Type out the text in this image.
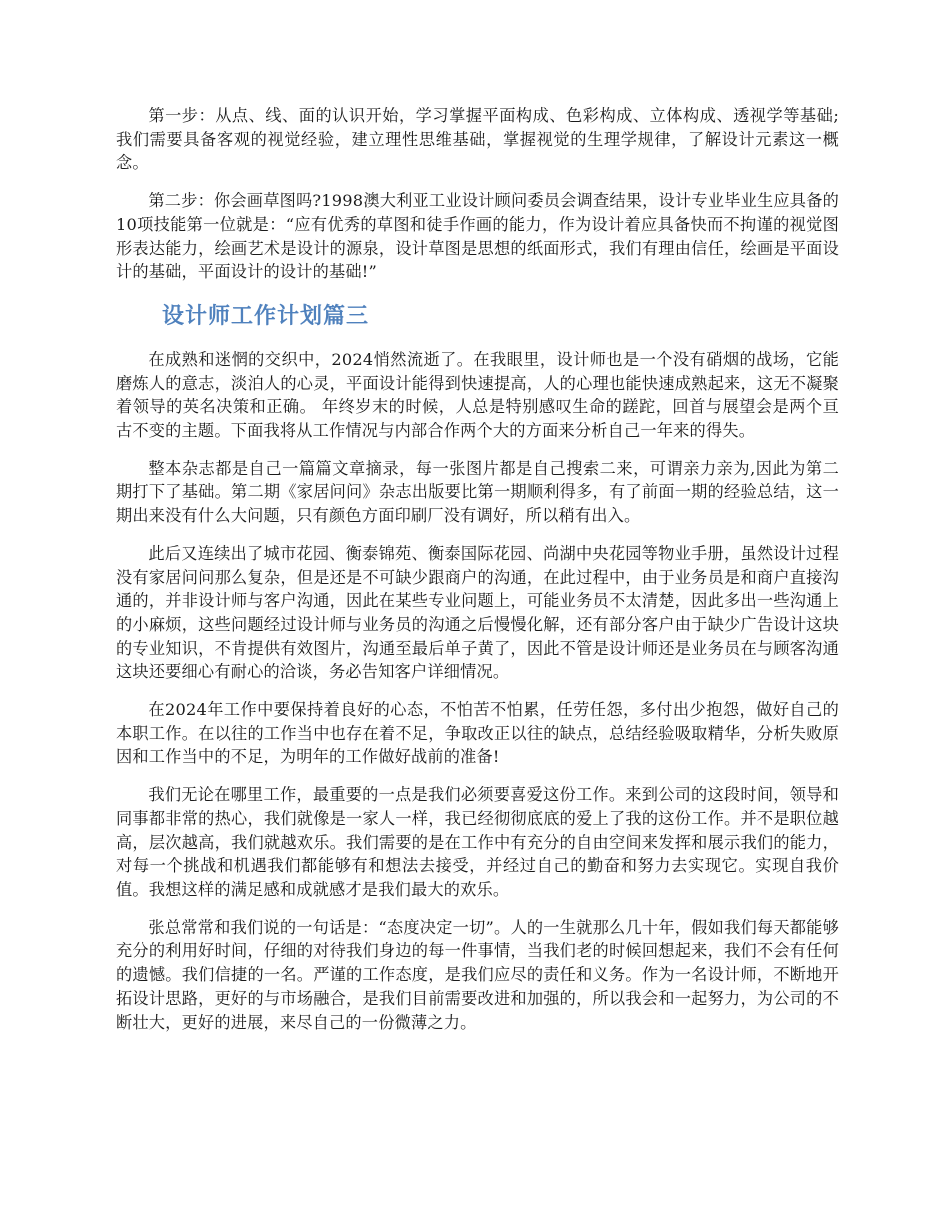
第一步：从点、线、面的认识开始，学习掌握平面构成、色彩构成、立体构成、透视学等基础;我们需要具备客观的视觉经验，建立理性思维基础，掌握视觉的生理学规律，了解设计元素这一概念。

第二步：你会画草图吗?1998澳大利亚工业设计顾问委员会调查结果，设计专业毕业生应具备的10项技能第一位就是：“应有优秀的草图和徒手作画的能力，作为设计着应具备快而不拘谨的视觉图形表达能力，绘画艺术是设计的源泉，设计草图是思想的纸面形式，我们有理由信任，绘画是平面设计的基础，平面设计的设计的基础!”

设计师工作计划篇三

在成熟和迷惘的交织中，2024悄然流逝了。在我眼里，设计师也是一个没有硝烟的战场，它能磨炼人的意志，淡泊人的心灵，平面设计能得到快速提高，人的心理也能快速成熟起来，这无不凝聚着领导的英名决策和正确。 年终岁末的时候，人总是特别感叹生命的蹉跎，回首与展望会是两个亘古不变的主题。下面我将从工作情况与内部合作两个大的方面来分析自己一年来的得失。

整本杂志都是自己一篇篇文章摘录，每一张图片都是自己搜索二来，可谓亲力亲为,因此为第二期打下了基础。第二期《家居问问》杂志出版要比第一期顺利得多，有了前面一期的经验总结，这一期出来没有什么大问题，只有颜色方面印刷厂没有调好，所以稍有出入。

此后又连续出了城市花园、衡泰锦苑、衡泰国际花园、尚湖中央花园等物业手册，虽然设计过程没有家居问问那么复杂，但是还是不可缺少跟商户的沟通，在此过程中，由于业务员是和商户直接沟通的，并非设计师与客户沟通，因此在某些专业问题上，可能业务员不太清楚，因此多出一些沟通上的小麻烦，这些问题经过设计师与业务员的沟通之后慢慢化解，还有部分客户由于缺少广告设计这块的专业知识，不肯提供有效图片，沟通至最后单子黄了，因此不管是设计师还是业务员在与顾客沟通这块还要细心有耐心的洽谈，务必告知客户详细情况。

在2024年工作中要保持着良好的心态，不怕苦不怕累，任劳任怨，多付出少抱怨，做好自己的本职工作。在以往的工作当中也存在着不足，争取改正以往的缺点，总结经验吸取精华，分析失败原因和工作当中的不足，为明年的工作做好战前的准备!

我们无论在哪里工作，最重要的一点是我们必须要喜爱这份工作。来到公司的这段时间，领导和同事都非常的热心，我们就像是一家人一样，我已经彻彻底底的爱上了我的这份工作。并不是职位越高，层次越高，我们就越欢乐。我们需要的是在工作中有充分的自由空间来发挥和展示我们的能力，对每一个挑战和机遇我们都能够有和想法去接受，并经过自己的勤奋和努力去实现它。实现自我价值。我想这样的满足感和成就感才是我们最大的欢乐。

张总常常和我们说的一句话是：“态度决定一切”。人的一生就那么几十年，假如我们每天都能够充分的利用好时间，仔细的对待我们身边的每一件事情，当我们老的时候回想起来，我们不会有任何的遗憾。我们信捷的一名。严谨的工作态度，是我们应尽的责任和义务。作为一名设计师，不断地开拓设计思路，更好的与市场融合，是我们目前需要改进和加强的，所以我会和一起努力，为公司的不断壮大，更好的进展，来尽自己的一份微薄之力。
